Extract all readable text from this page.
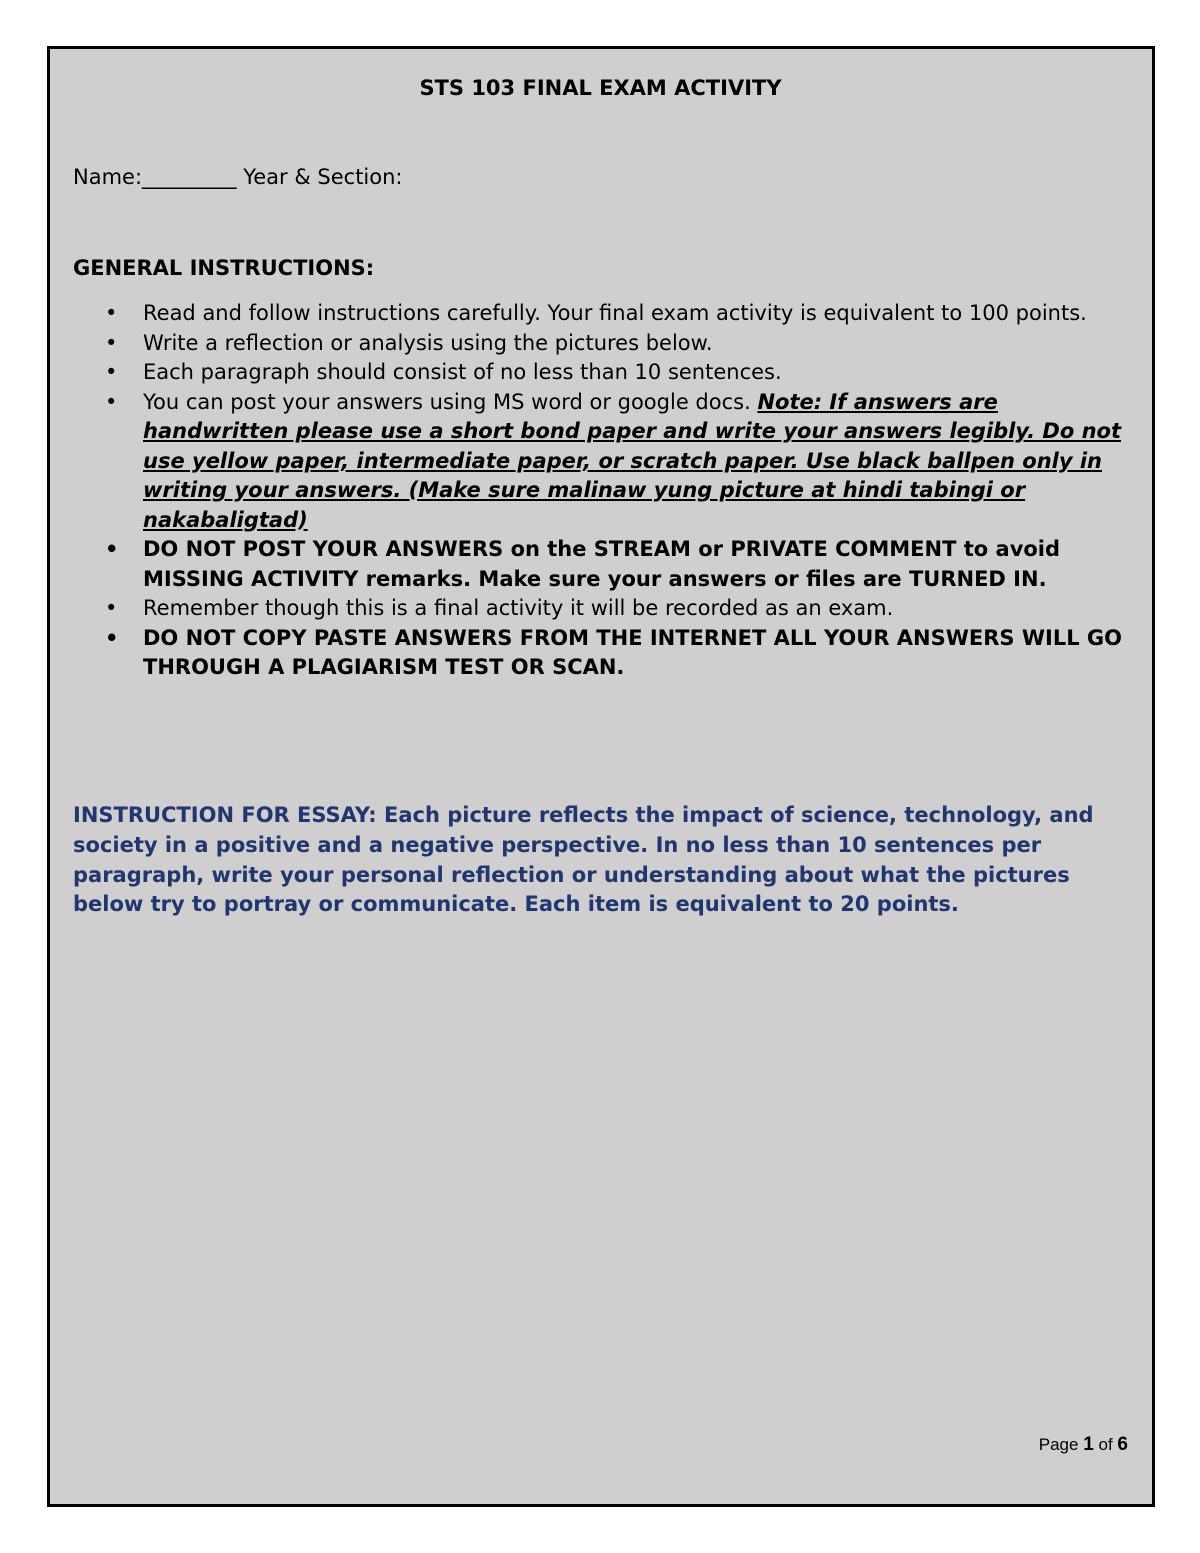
STS 103 FINAL EXAM ACTIVITY
Name:_________ Year & Section:
GENERAL INSTRUCTIONS:
• Read and follow instructions carefully. Your final exam activity is equivalent to 100 points.
• Write a reflection or analysis using the pictures below.
• Each paragraph should consist of no less than 10 sentences.
• You can post your answers using MS word or google docs. Note: If answers are handwritten please use a short bond paper and write your answers legibly. Do not use yellow paper, intermediate paper, or scratch paper. Use black ballpen only in writing your answers. (Make sure malinaw yung picture at hindi tabingi or nakabaligtad)
• DO NOT POST YOUR ANSWERS on the STREAM or PRIVATE COMMENT to avoid MISSING ACTIVITY remarks. Make sure your answers or files are TURNED IN.
• Remember though this is a final activity it will be recorded as an exam.
• DO NOT COPY PASTE ANSWERS FROM THE INTERNET ALL YOUR ANSWERS WILL GO THROUGH A PLAGIARISM TEST OR SCAN.
INSTRUCTION FOR ESSAY: Each picture reflects the impact of science, technology, and society in a positive and a negative perspective. In no less than 10 sentences per paragraph, write your personal reflection or understanding about what the pictures below try to portray or communicate. Each item is equivalent to 20 points.
Page 1 of 6
